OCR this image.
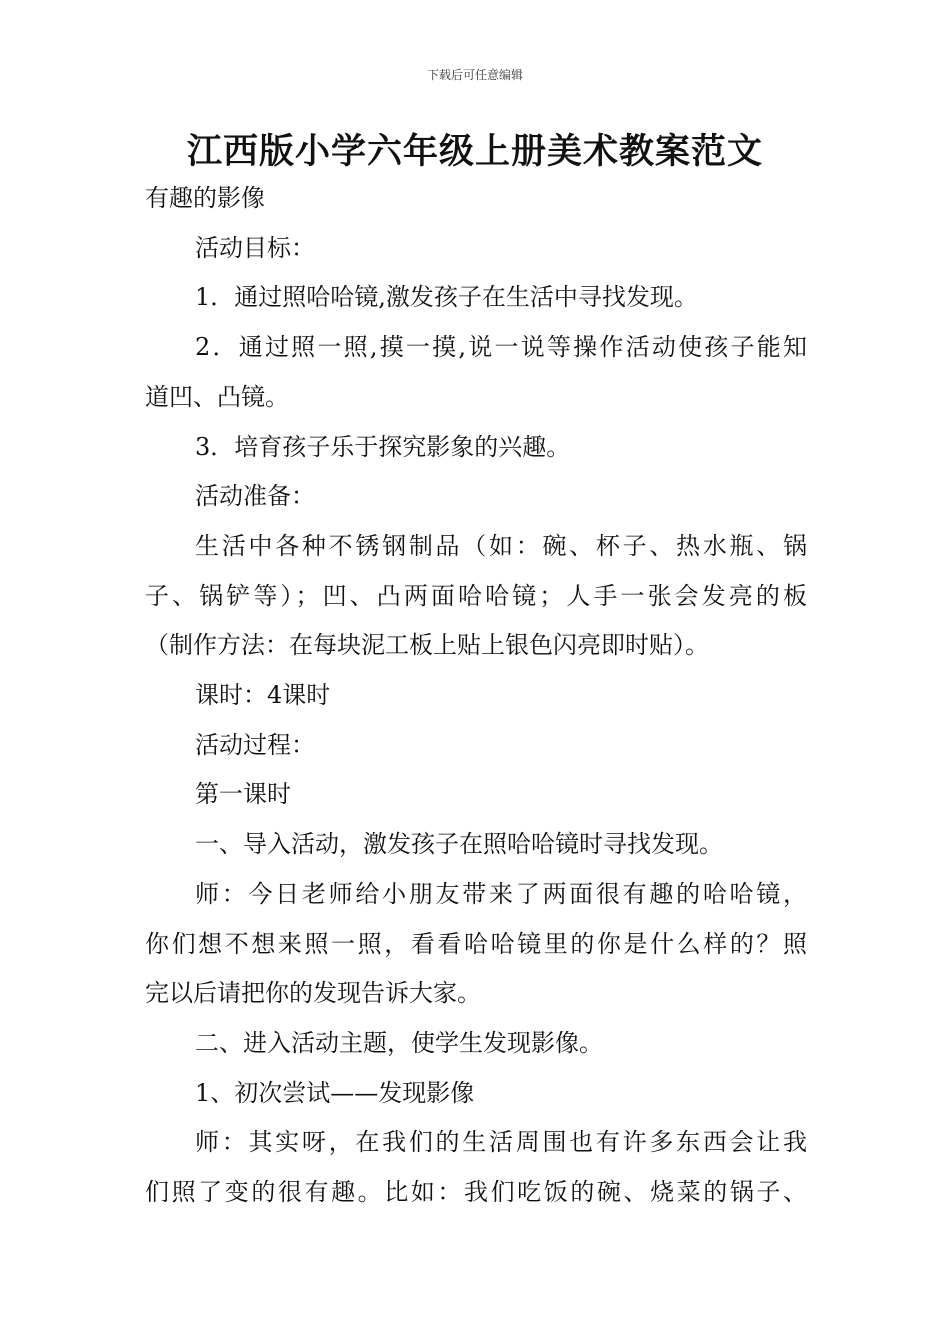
下载后可任意编辑
江西版小学六年级上册美术教案范文

有趣的影像

活动目标：

1．通过照哈哈镜,激发孩子在生活中寻找发现。

2．通过照一照,摸一摸,说一说等操作活动使孩子能知

道凹、凸镜。

3．培育孩子乐于探究影象的兴趣。

活动准备：

生活中各种不锈钢制品（如：碗、杯子、热水瓶、锅

子、锅铲等）；凹、凸两面哈哈镜；人手一张会发亮的板

（制作方法：在每块泥工板上贴上银色闪亮即时贴）。

课时：4课时

活动过程：

第一课时

一、导入活动，激发孩子在照哈哈镜时寻找发现。

师：今日老师给小朋友带来了两面很有趣的哈哈镜，

你们想不想来照一照，看看哈哈镜里的你是什么样的？照

完以后请把你的发现告诉大家。

二、进入活动主题，使学生发现影像。

1、初次尝试——发现影像

师：其实呀，在我们的生活周围也有许多东西会让我

们照了变的很有趣。比如：我们吃饭的碗、烧菜的锅子、
